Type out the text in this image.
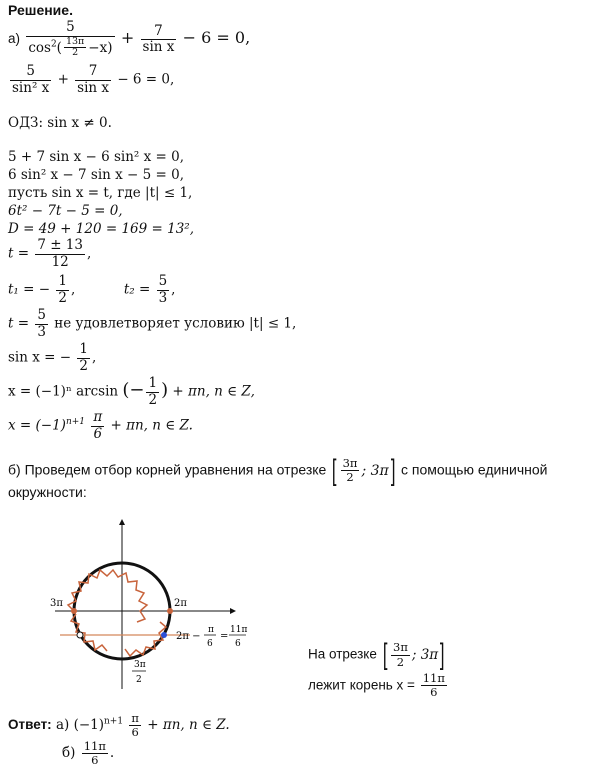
Решение.
$а) \frac{5}{\cos^2( \frac{13\pi}{2} -x)} + \frac{7}{\text{sin x}} - 6 = 0$,
$\frac{5}{\text{sin² x}} + \frac{7}{\text{sin x}} - 6 = 0$,
ОДЗ: sin x ≠ 0.
5 + 7 sin x − 6 sin² x = 0,
6 sin² x − 7 sin x − 5 = 0,
пусть sin x = t, где |t| ≤ 1,
6t² − 7t − 5 = 0,
D = 49 + 120 = 169 = 13²,
$t = \frac{7 \pm 13}{12}$ ,
t₁ = − $\frac{1}{2}$ ,	$t_2 = \frac{5}{3}$ ,
$t = \frac{5}{3}$ не удовлетворяет условию |t| ≤ 1,
sin x = − $\frac{1}{2}$ ,
x = (−1)ⁿ arcsin (− $\frac{1}{2}$ ) + πn, n ∈ Z,
$x = (-1)^{n+1} \frac{\pi}{6} + \pi n$, n ∈ Z.
б) Проведем отбор корней уравнения на отрезке [ $\frac{3\pi}{2}$ ; 3π] с помощью единичной
окружности:
3π	2π
2π −
π
6
=
11π
6
3π
2
На отрезке [ $\frac{3\pi}{2}$ ; 3π]
лежит корень $x = \frac{11\pi}{6}$
Ответ: а) $(-1)^{n+1} \frac{\pi}{6} + \pi n$, n ∈ Z.
$б) \frac{11\pi}{6}$ .
